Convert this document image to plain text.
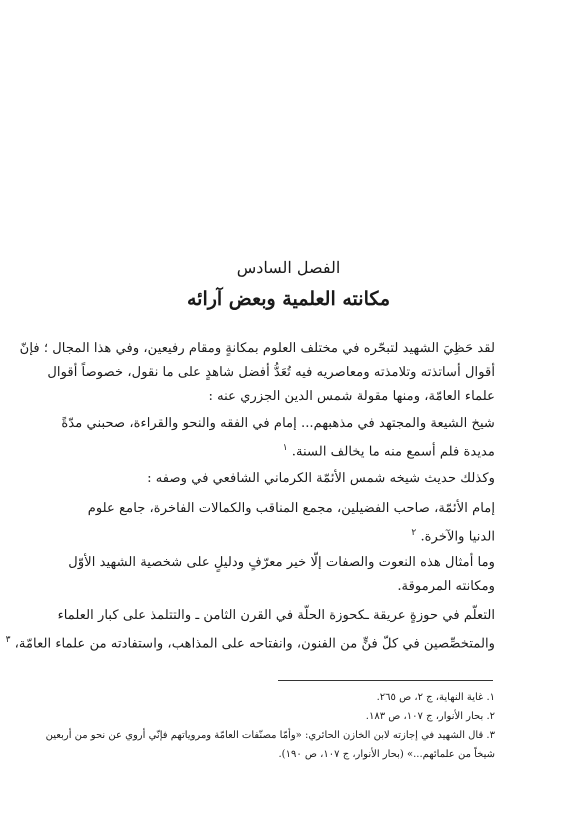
الفصل السادس
مكانته العلمية وبعض آرائه
لقد حَظِيَ الشهيد لتبحّره في مختلف العلوم بمكانةٍ ومقام رفيعين، وفي هذا المجال ؛ فإنّ
أقوال أساتذته وتلامذته ومعاصريه فيه تُعَدُّ أفضل شاهدٍ على ما نقول، خصوصاً أقوال
علماء العامّة، ومنها مقولة شمس الدين الجزري عنه :
شيخ الشيعة والمجتهد في مذهبهم... إمام في الفقه والنحو والقراءة، صحبني مدّةً
مديدة فلم أسمع منه ما يخالف السنة. $^١$
وكذلك حديث شيخه شمس الأئمّة الكرماني الشافعي في وصفه :
إمام الأئمّة، صاحب الفضيلين، مجمع المناقب والكمالات الفاخرة، جامع علوم
الدنيا والآخرة. $^٢$
وما أمثال هذه النعوت والصفات إلّا خير معرّفٍ ودليلٍ على شخصية الشهيد الأوّل
ومكانته المرموقة.
التعلّم في حوزةٍ عريقة ـكحوزة الحلّة في القرن الثامن ـ والتتلمذ على كبار العلماء
والمتخصِّصين في كلّ فنٍّ من الفنون، وانفتاحه على المذاهب، واستفادته من علماء العامّة، $^٣$
١. غاية النهاية، ج ٢، ص ٢٦٥.
٢. بحار الأنوار، ج ١٠٧، ص ١٨٣.
٣. قال الشهيد في إجازته لابن الخازن الحائري: «وأمّا مصنّفات العامّة ومروياتهم فإنّي أروي عن نحو من أربعين
شيخاً من علمائهم...» (بحار الأنوار، ج ١٠٧، ص ١٩٠).
